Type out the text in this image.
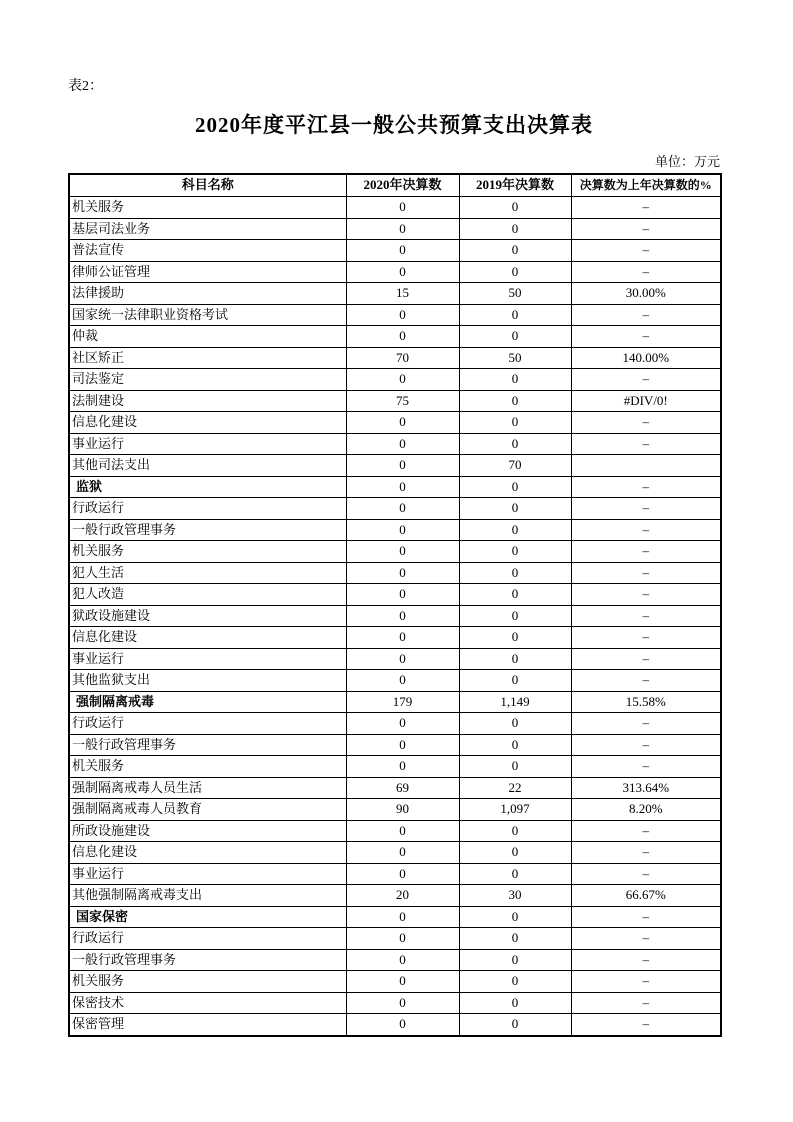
表2：
2020年度平江县一般公共预算支出决算表
单位：万元
科目名称	2020年决算数	2019年决算数	决算数为上年决算数的%
机关服务	0	0	–
基层司法业务	0	0	–
普法宣传	0	0	–
律师公证管理	0	0	–
法律援助	15	50	30.00%
国家统一法律职业资格考试	0	0	–
仲裁	0	0	–
社区矫正	70	50	140.00%
司法鉴定	0	0	–
法制建设	75	0	#DIV/0!
信息化建设	0	0	–
事业运行	0	0	–
其他司法支出	0	70	
监狱	0	0	–
行政运行	0	0	–
一般行政管理事务	0	0	–
机关服务	0	0	–
犯人生活	0	0	–
犯人改造	0	0	–
狱政设施建设	0	0	–
信息化建设	0	0	–
事业运行	0	0	–
其他监狱支出	0	0	–
强制隔离戒毒	179	1,149	15.58%
行政运行	0	0	–
一般行政管理事务	0	0	–
机关服务	0	0	–
强制隔离戒毒人员生活	69	22	313.64%
强制隔离戒毒人员教育	90	1,097	8.20%
所政设施建设	0	0	–
信息化建设	0	0	–
事业运行	0	0	–
其他强制隔离戒毒支出	20	30	66.67%
国家保密	0	0	–
行政运行	0	0	–
一般行政管理事务	0	0	–
机关服务	0	0	–
保密技术	0	0	–
保密管理	0	0	–
